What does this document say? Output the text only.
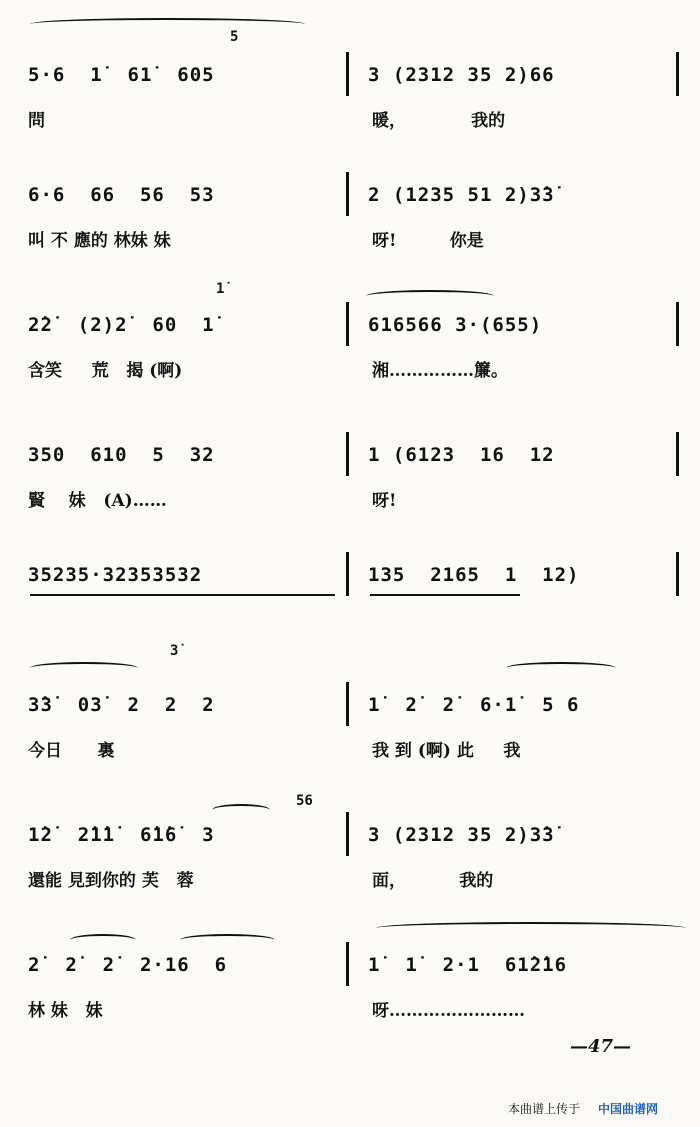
5
5·6  1̇  61̇  605	3 (2312 35 2)66
問	暖，           我的
6·6  66  56  53	2 (1235 51 2)3̇3̇
叫 不 應的 林妹 妹	呀!         你是
1̇
2̇2̇  (2)2̇  60  1̇	616566 3·(655)
含笑     荒   揭 (啊)	湘……………簾。
350  610  5  32	1 (6123  16  12
賢    妹   (A)……	呀!
35235·32353532	135  2165  1  12)
3̇
3̇3̇  03̇  2  2  2	1̇  2̇  2̇  6·1̇  5 6
今日      裏	我 到 (啊) 此     我
56
1̇2̇  2̇1̇1̇  6̇1̇6̇  3	3 (2312 35 2)3̇3̇
還能 見到你的 芙   蓉	面，         我的
2̇  2̇  2̇  2·16  6	1̇  1̇  2·1  61̇2̇16
林 妹   妹	呀……………………
—47—
本曲谱上传于 中国曲谱网
